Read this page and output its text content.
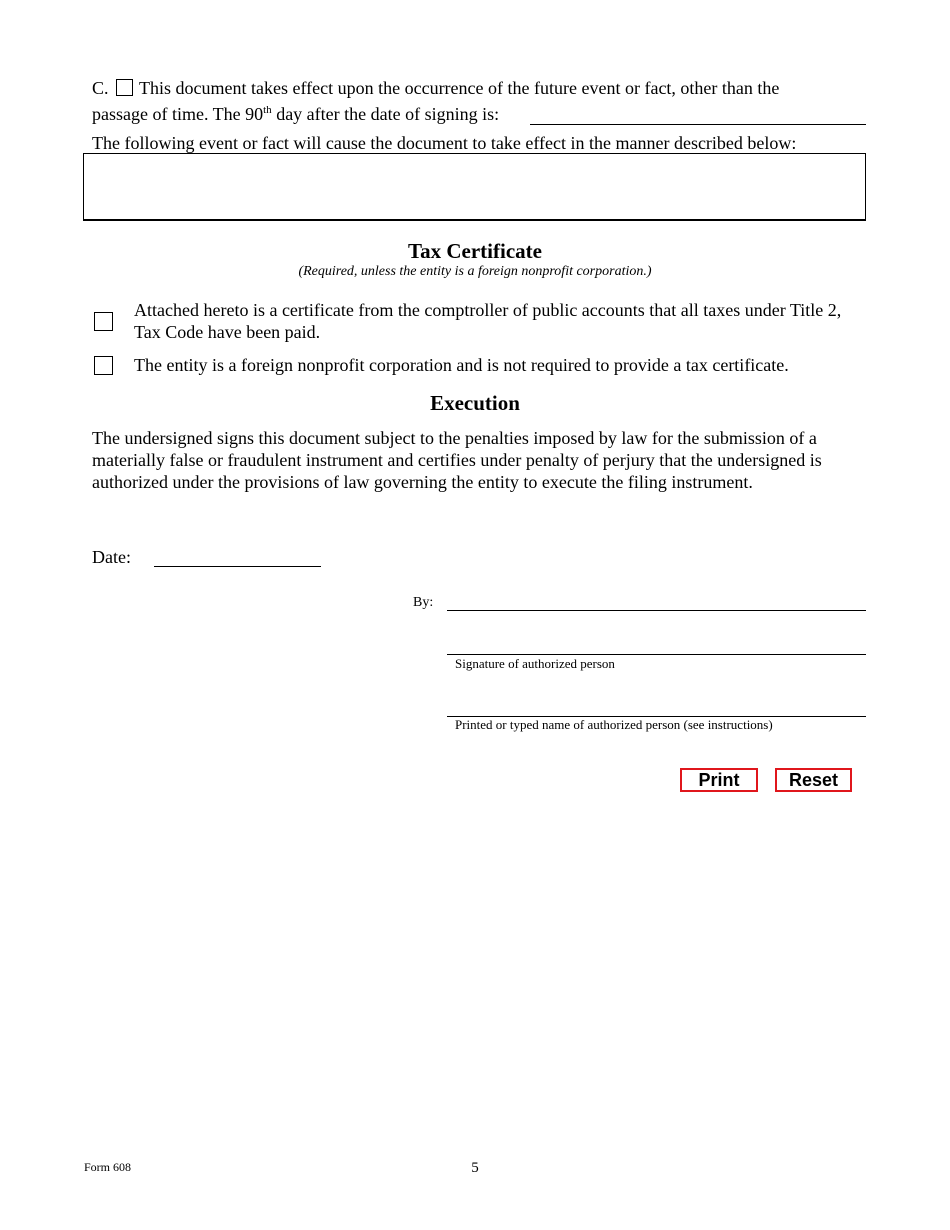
C. This document takes effect upon the occurrence of the future event or fact, other than the
passage of time. The 90th day after the date of signing is:
The following event or fact will cause the document to take effect in the manner described below:
Tax Certificate
(Required, unless the entity is a foreign nonprofit corporation.)
Attached hereto is a certificate from the comptroller of public accounts that all taxes under Title 2, Tax Code have been paid.
The entity is a foreign nonprofit corporation and is not required to provide a tax certificate.
Execution
The undersigned signs this document subject to the penalties imposed by law for the submission of a materially false or fraudulent instrument and certifies under penalty of perjury that the undersigned is authorized under the provisions of law governing the entity to execute the filing instrument.
Date:
By:
Signature of authorized person
Printed or typed name of authorized person (see instructions)
Print	Reset
Form 608	5
